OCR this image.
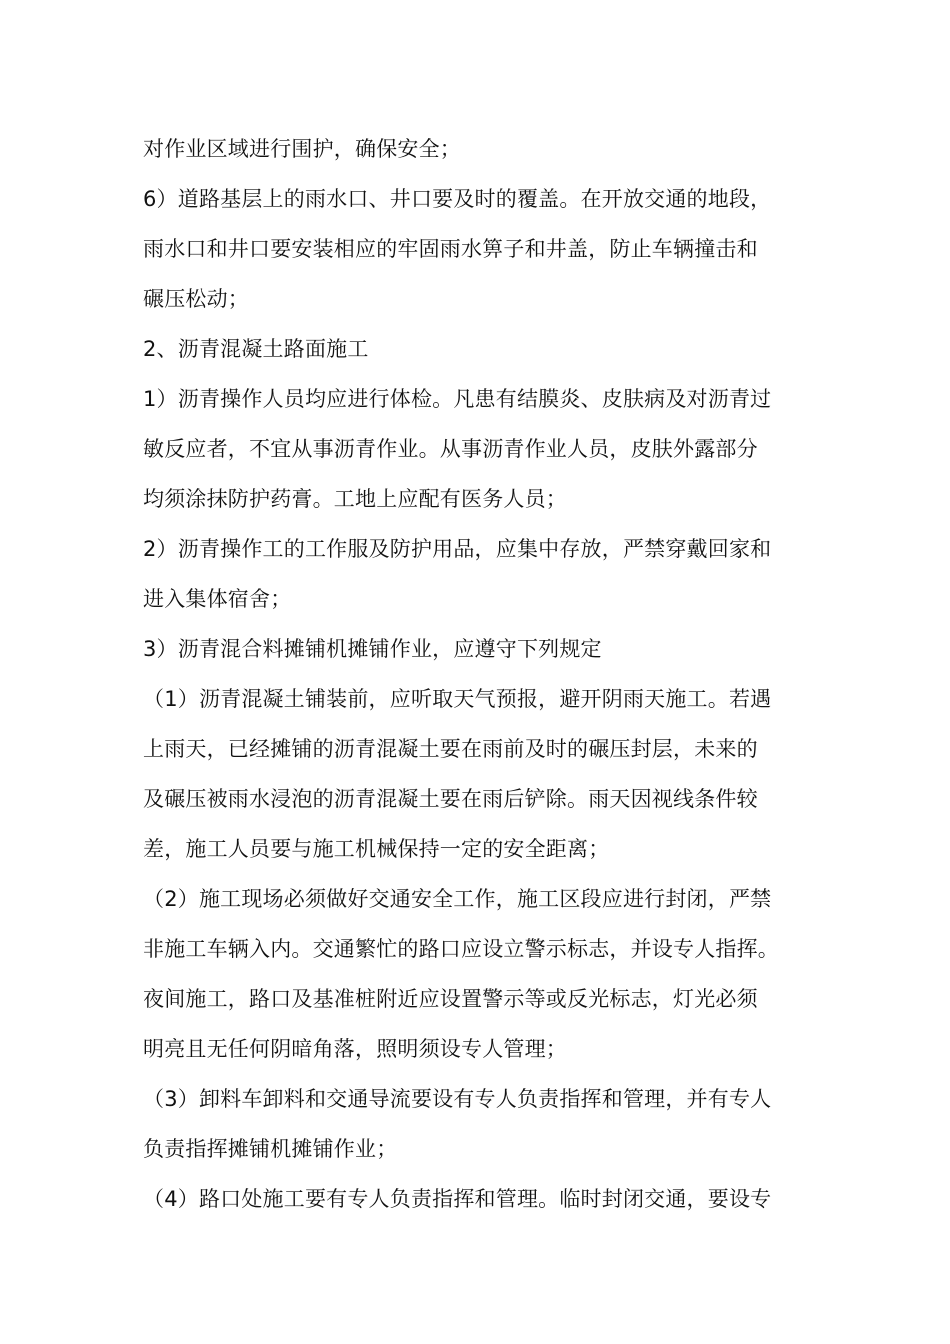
对作业区域进行围护，确保安全；
6）道路基层上的雨水口、井口要及时的覆盖。在开放交通的地段，
雨水口和井口要安装相应的牢固雨水箅子和井盖，防止车辆撞击和
碾压松动；
2、沥青混凝土路面施工
1）沥青操作人员均应进行体检。凡患有结膜炎、皮肤病及对沥青过
敏反应者，不宜从事沥青作业。从事沥青作业人员，皮肤外露部分
均须涂抹防护药膏。工地上应配有医务人员；
2）沥青操作工的工作服及防护用品，应集中存放，严禁穿戴回家和
进入集体宿舍；
3）沥青混合料摊铺机摊铺作业，应遵守下列规定
（1）沥青混凝土铺装前，应听取天气预报，避开阴雨天施工。若遇
上雨天，已经摊铺的沥青混凝土要在雨前及时的碾压封层，未来的
及碾压被雨水浸泡的沥青混凝土要在雨后铲除。雨天因视线条件较
差，施工人员要与施工机械保持一定的安全距离；
（2）施工现场必须做好交通安全工作，施工区段应进行封闭，严禁
非施工车辆入内。交通繁忙的路口应设立警示标志，并设专人指挥。
夜间施工，路口及基准桩附近应设置警示等或反光标志，灯光必须
明亮且无任何阴暗角落，照明须设专人管理；
（3）卸料车卸料和交通导流要设有专人负责指挥和管理，并有专人
负责指挥摊铺机摊铺作业；
（4）路口处施工要有专人负责指挥和管理。临时封闭交通，要设专
